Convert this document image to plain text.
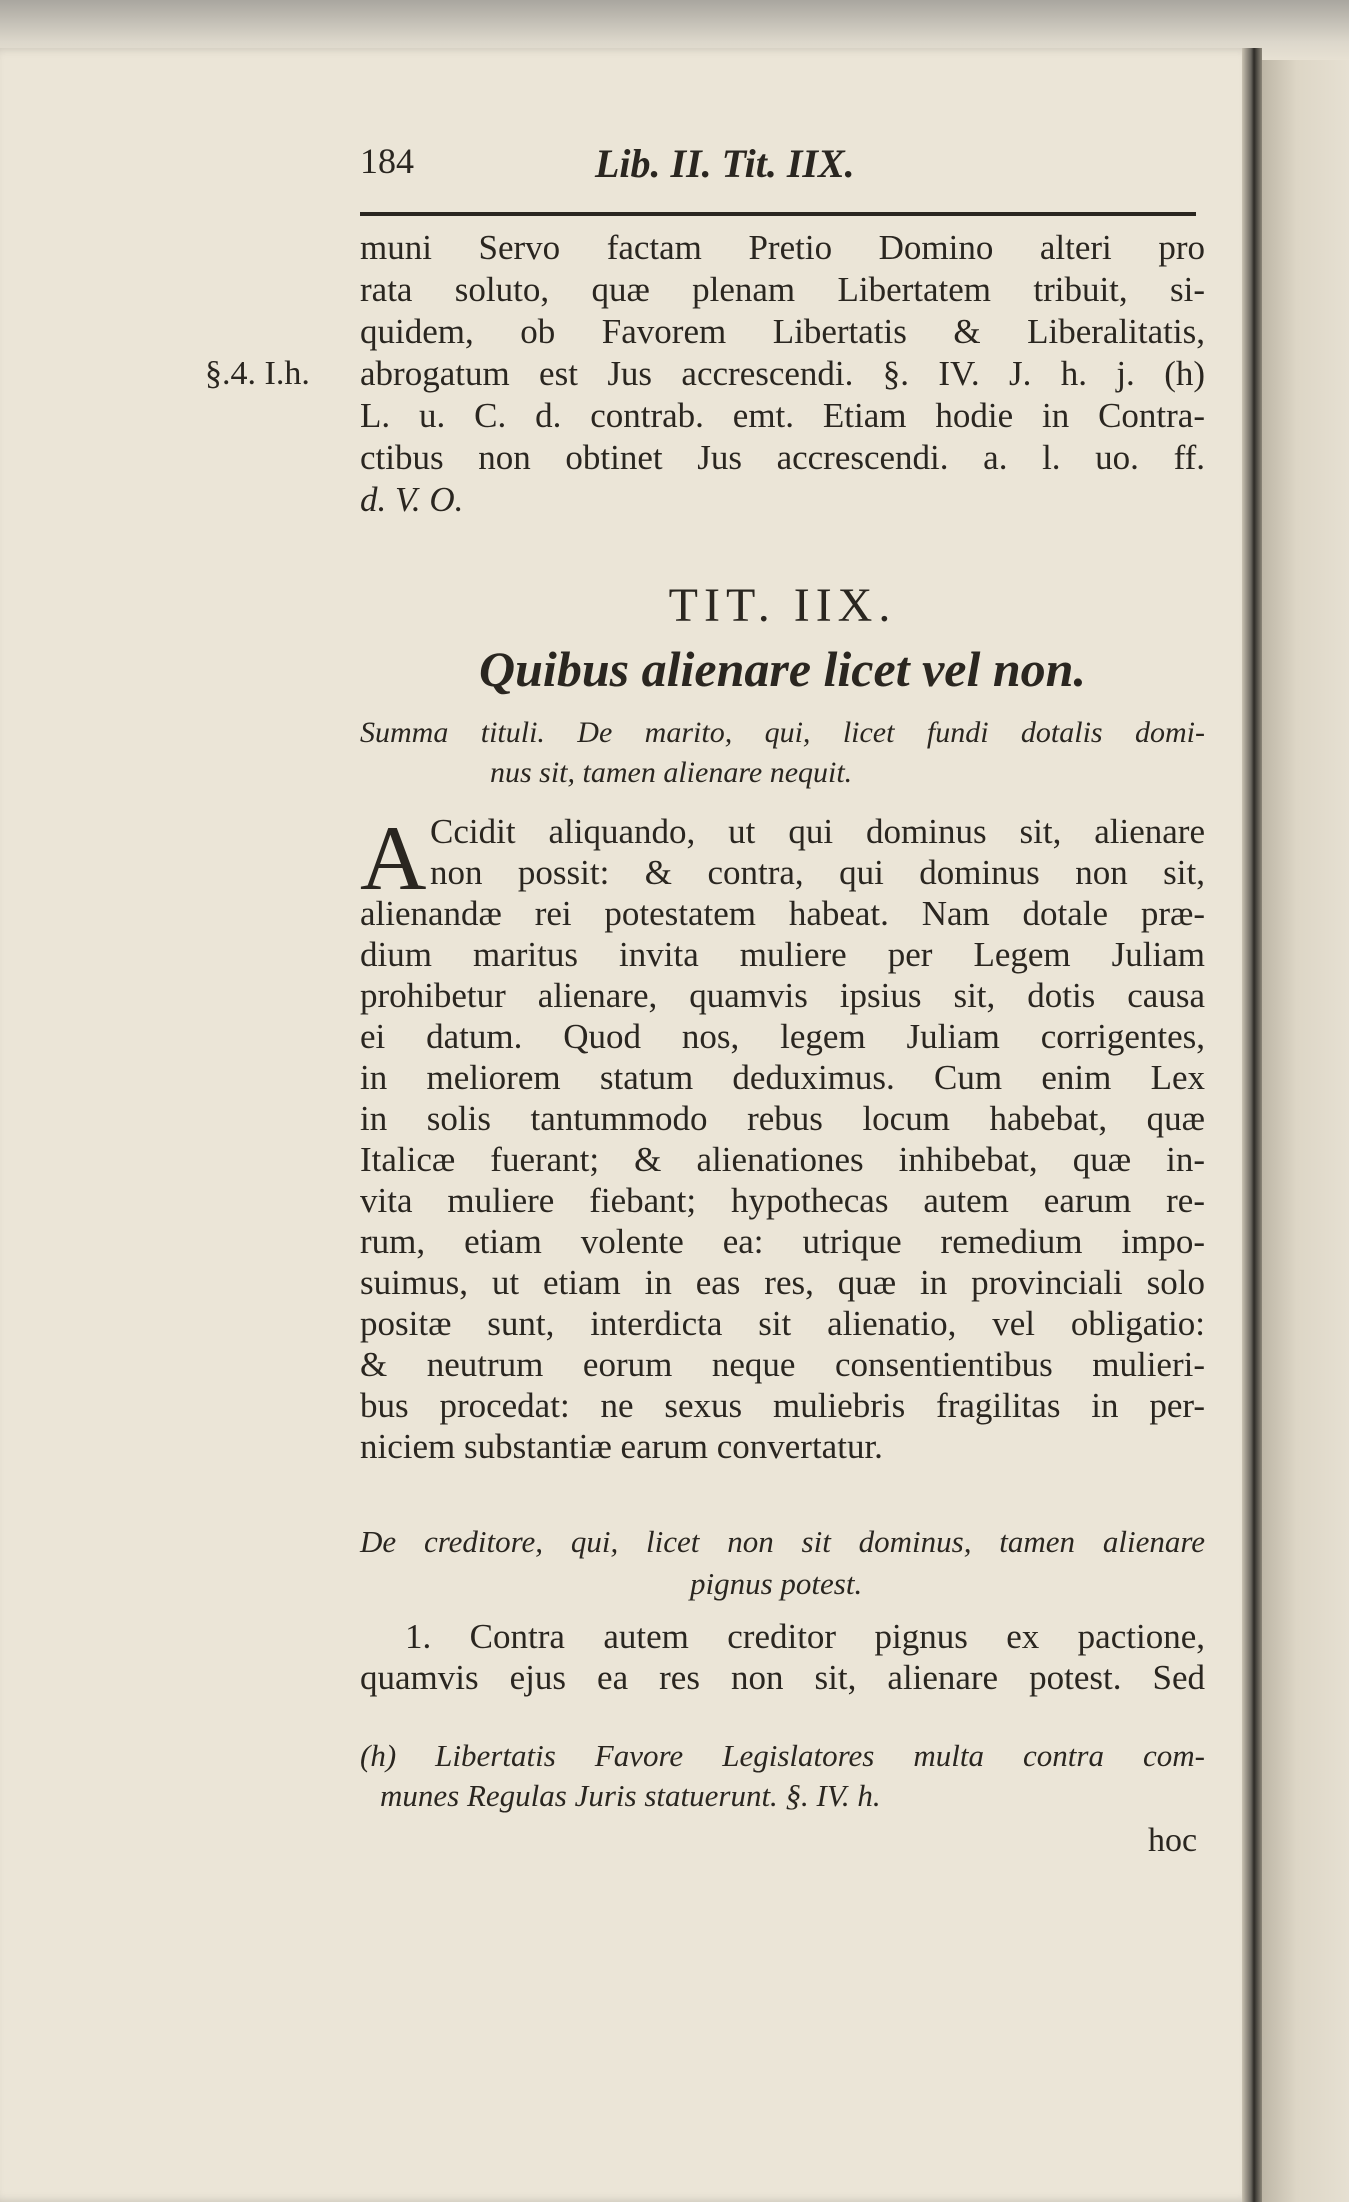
184	Lib. II. Tit. IIX.
muni Servo factam Pretio Domino alteri pro
rata soluto, quæ plenam Libertatem tribuit, si-
quidem, ob Favorem Libertatis & Liberalitatis,
§.4. I.h. abrogatum est Jus accrescendi. §. IV. J. h. j. (h)
L. u. C. d. contrab. emt. Etiam hodie in Contra-
ctibus non obtinet Jus accrescendi. a. l. uo. ff.
d. V. O.
TIT. IIX.
Quibus alienare licet vel non.
Summa tituli. De marito, qui, licet fundi dotalis domi-
nus sit, tamen alienare nequit.
A Ccidit aliquando, ut qui dominus sit, alienare
non possit: & contra, qui dominus non sit,
alienandæ rei potestatem habeat. Nam dotale præ-
dium maritus invita muliere per Legem Juliam
prohibetur alienare, quamvis ipsius sit, dotis causa
ei datum. Quod nos, legem Juliam corrigentes,
in meliorem statum deduximus. Cum enim Lex
in solis tantummodo rebus locum habebat, quæ
Italicæ fuerant; & alienationes inhibebat, quæ in-
vita muliere fiebant; hypothecas autem earum re-
rum, etiam volente ea: utrique remedium impo-
suimus, ut etiam in eas res, quæ in provinciali solo
positæ sunt, interdicta sit alienatio, vel obligatio:
& neutrum eorum neque consentientibus mulieri-
bus procedat: ne sexus muliebris fragilitas in per-
niciem substantiæ earum convertatur.
De creditore, qui, licet non sit dominus, tamen alienare
pignus potest.
1. Contra autem creditor pignus ex pactione,
quamvis ejus ea res non sit, alienare potest. Sed
(h) Libertatis Favore Legislatores multa contra com-
munes Regulas Juris statuerunt. §. IV. h.
hoc
